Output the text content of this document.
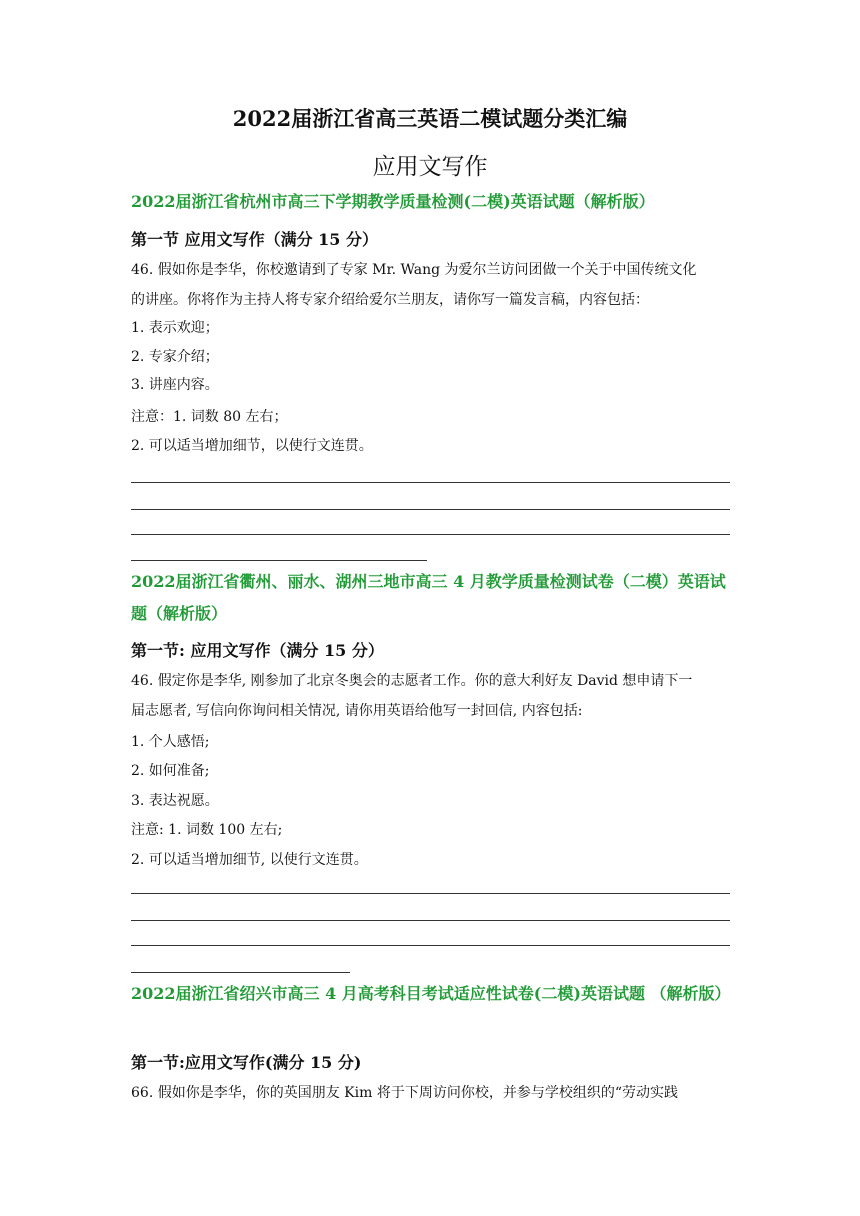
2022届浙江省高三英语二模试题分类汇编
应用文写作
2022届浙江省杭州市高三下学期教学质量检测(二模)英语试题（解析版）
第一节 应用文写作（满分 15 分）
46. 假如你是李华，你校邀请到了专家 Mr. Wang 为爱尔兰访问团做一个关于中国传统文化
的讲座。你将作为主持人将专家介绍给爱尔兰朋友，请你写一篇发言稿，内容包括：
1. 表示欢迎；
2. 专家介绍；
3. 讲座内容。
注意：1. 词数 80 左右；
2. 可以适当增加细节，以使行文连贯。
2022届浙江省衢州、丽水、湖州三地市高三 4 月教学质量检测试卷（二模）英语试题（解析版）
第一节: 应用文写作（满分 15 分）
46. 假定你是李华, 刚参加了北京冬奥会的志愿者工作。你的意大利好友 David 想申请下一
届志愿者, 写信向你询问相关情况, 请你用英语给他写一封回信, 内容包括:
1. 个人感悟;
2. 如何准备;
3. 表达祝愿。
注意: 1. 词数 100 左右;
2. 可以适当增加细节, 以使行文连贯。
2022届浙江省绍兴市高三 4 月高考科目考试适应性试卷(二模)英语试题 （解析版）
第一节:应用文写作(满分 15 分)
66. 假如你是李华，你的英国朋友 Kim 将于下周访问你校，并参与学校组织的“劳动实践
